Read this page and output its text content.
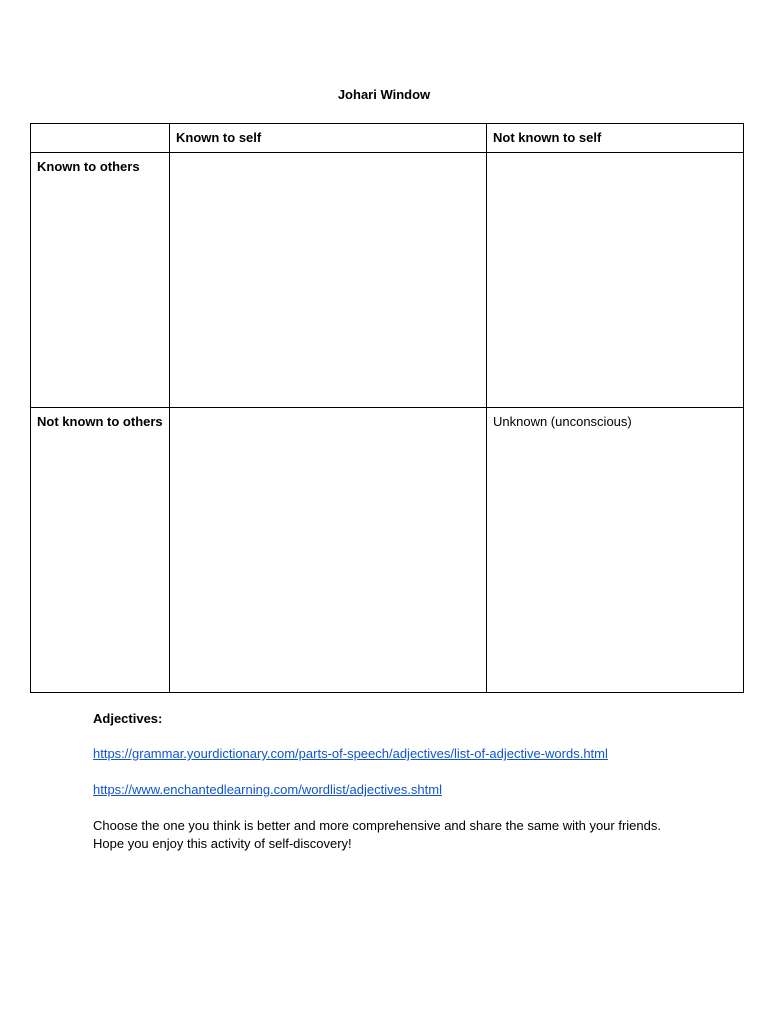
Johari Window
	Known to self	Not known to self
Known to others		
Not known to others		Unknown (unconscious)
Adjectives:
https://grammar.yourdictionary.com/parts-of-speech/adjectives/list-of-adjective-words.html
https://www.enchantedlearning.com/wordlist/adjectives.shtml
Choose the one you think is better and more comprehensive and share the same with your friends. Hope you enjoy this activity of self-discovery!
